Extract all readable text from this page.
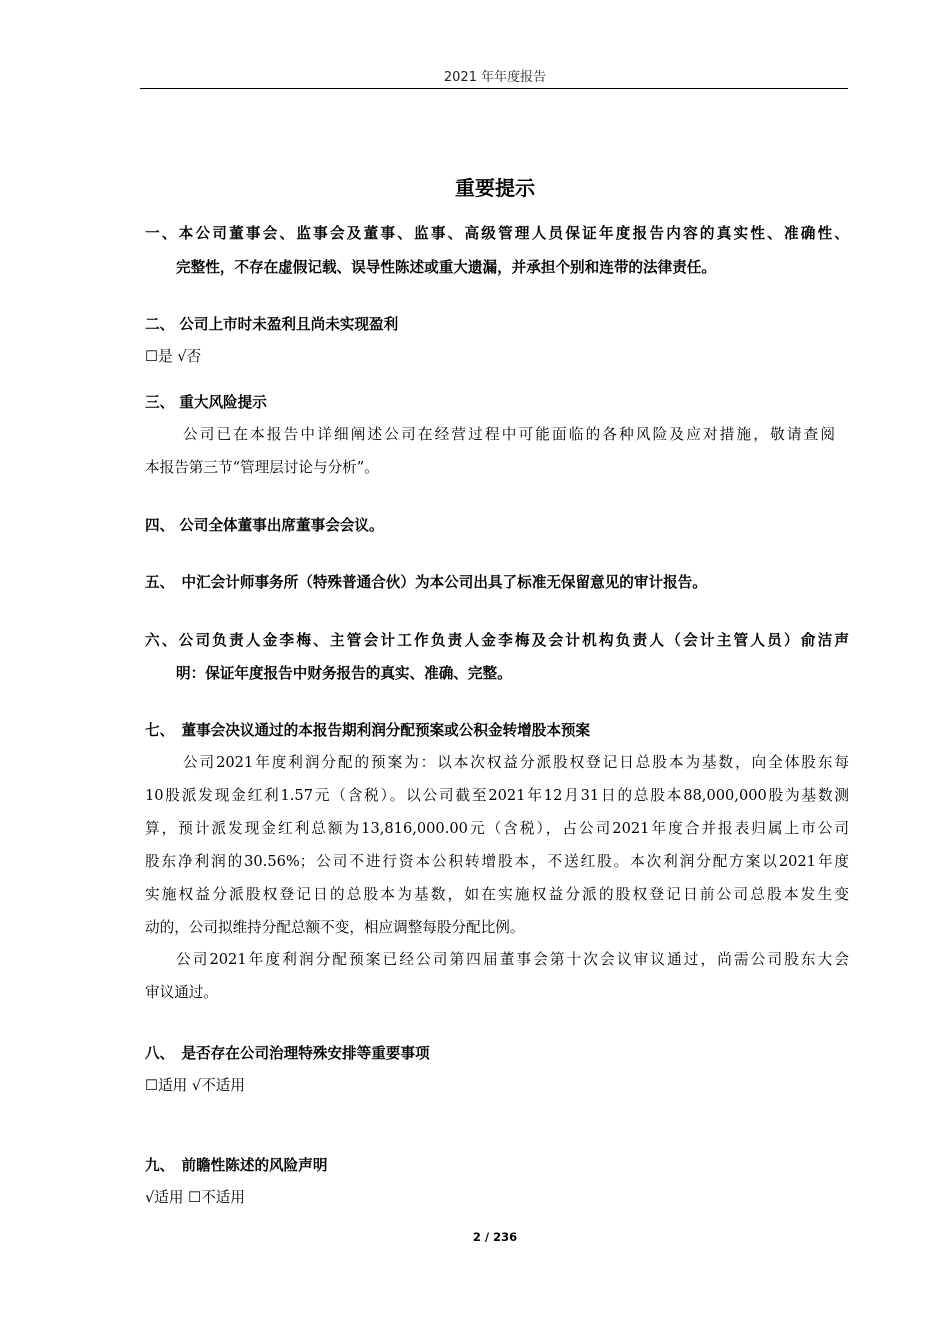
2021 年年度报告
重要提示
一、本公司董事会、监事会及董事、监事、高级管理人员保证年度报告内容的真实性、准确性、
完整性，不存在虚假记载、误导性陈述或重大遗漏，并承担个别和连带的法律责任。
二、 公司上市时未盈利且尚未实现盈利
☐是 √否
三、 重大风险提示
公司已在本报告中详细阐述公司在经营过程中可能面临的各种风险及应对措施，敬请查阅
本报告第三节“管理层讨论与分析”。
四、 公司全体董事出席董事会会议。
五、　中汇会计师事务所（特殊普通合伙）为本公司出具了标准无保留意见的审计报告。
六、公司负责人金李梅、主管会计工作负责人金李梅及会计机构负责人（会计主管人员）俞洁声
明：保证年度报告中财务报告的真实、准确、完整。
七、　董事会决议通过的本报告期利润分配预案或公积金转增股本预案
公司2021年度利润分配的预案为：以本次权益分派股权登记日总股本为基数，向全体股东每
10股派发现金红利1.57元（含税）。以公司截至2021年12月31日的总股本88,000,000股为基数测
算，预计派发现金红利总额为13,816,000.00元（含税），占公司2021年度合并报表归属上市公司
股东净利润的30.56%；公司不进行资本公积转增股本，不送红股。本次利润分配方案以2021年度
实施权益分派股权登记日的总股本为基数，如在实施权益分派的股权登记日前公司总股本发生变
动的，公司拟维持分配总额不变，相应调整每股分配比例。
公司2021年度利润分配预案已经公司第四届董事会第十次会议审议通过，尚需公司股东大会
审议通过。
八、　是否存在公司治理特殊安排等重要事项
☐适用 √不适用
九、　前瞻性陈述的风险声明
√适用 ☐不适用
2 / 236
